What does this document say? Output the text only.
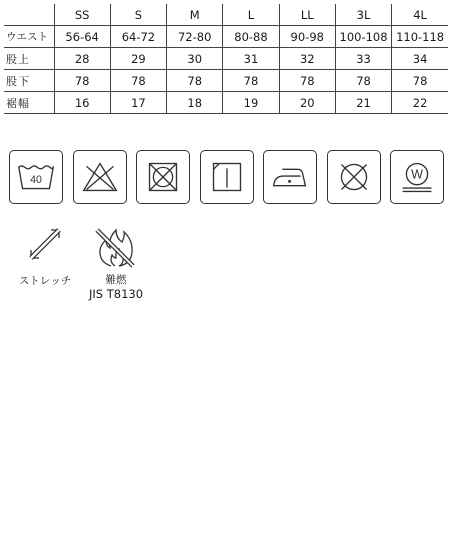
	SS	S	M	L	LL	3L	4L
ウエスト	56-64	64-72	72-80	80-88	90-98	100-108	110-118
股上	28	29	30	31	32	33	34
股下	78	78	78	78	78	78	78
裾幅	16	17	18	19	20	21	22
40	W
ストレッチ	難燃
JIS T8130
